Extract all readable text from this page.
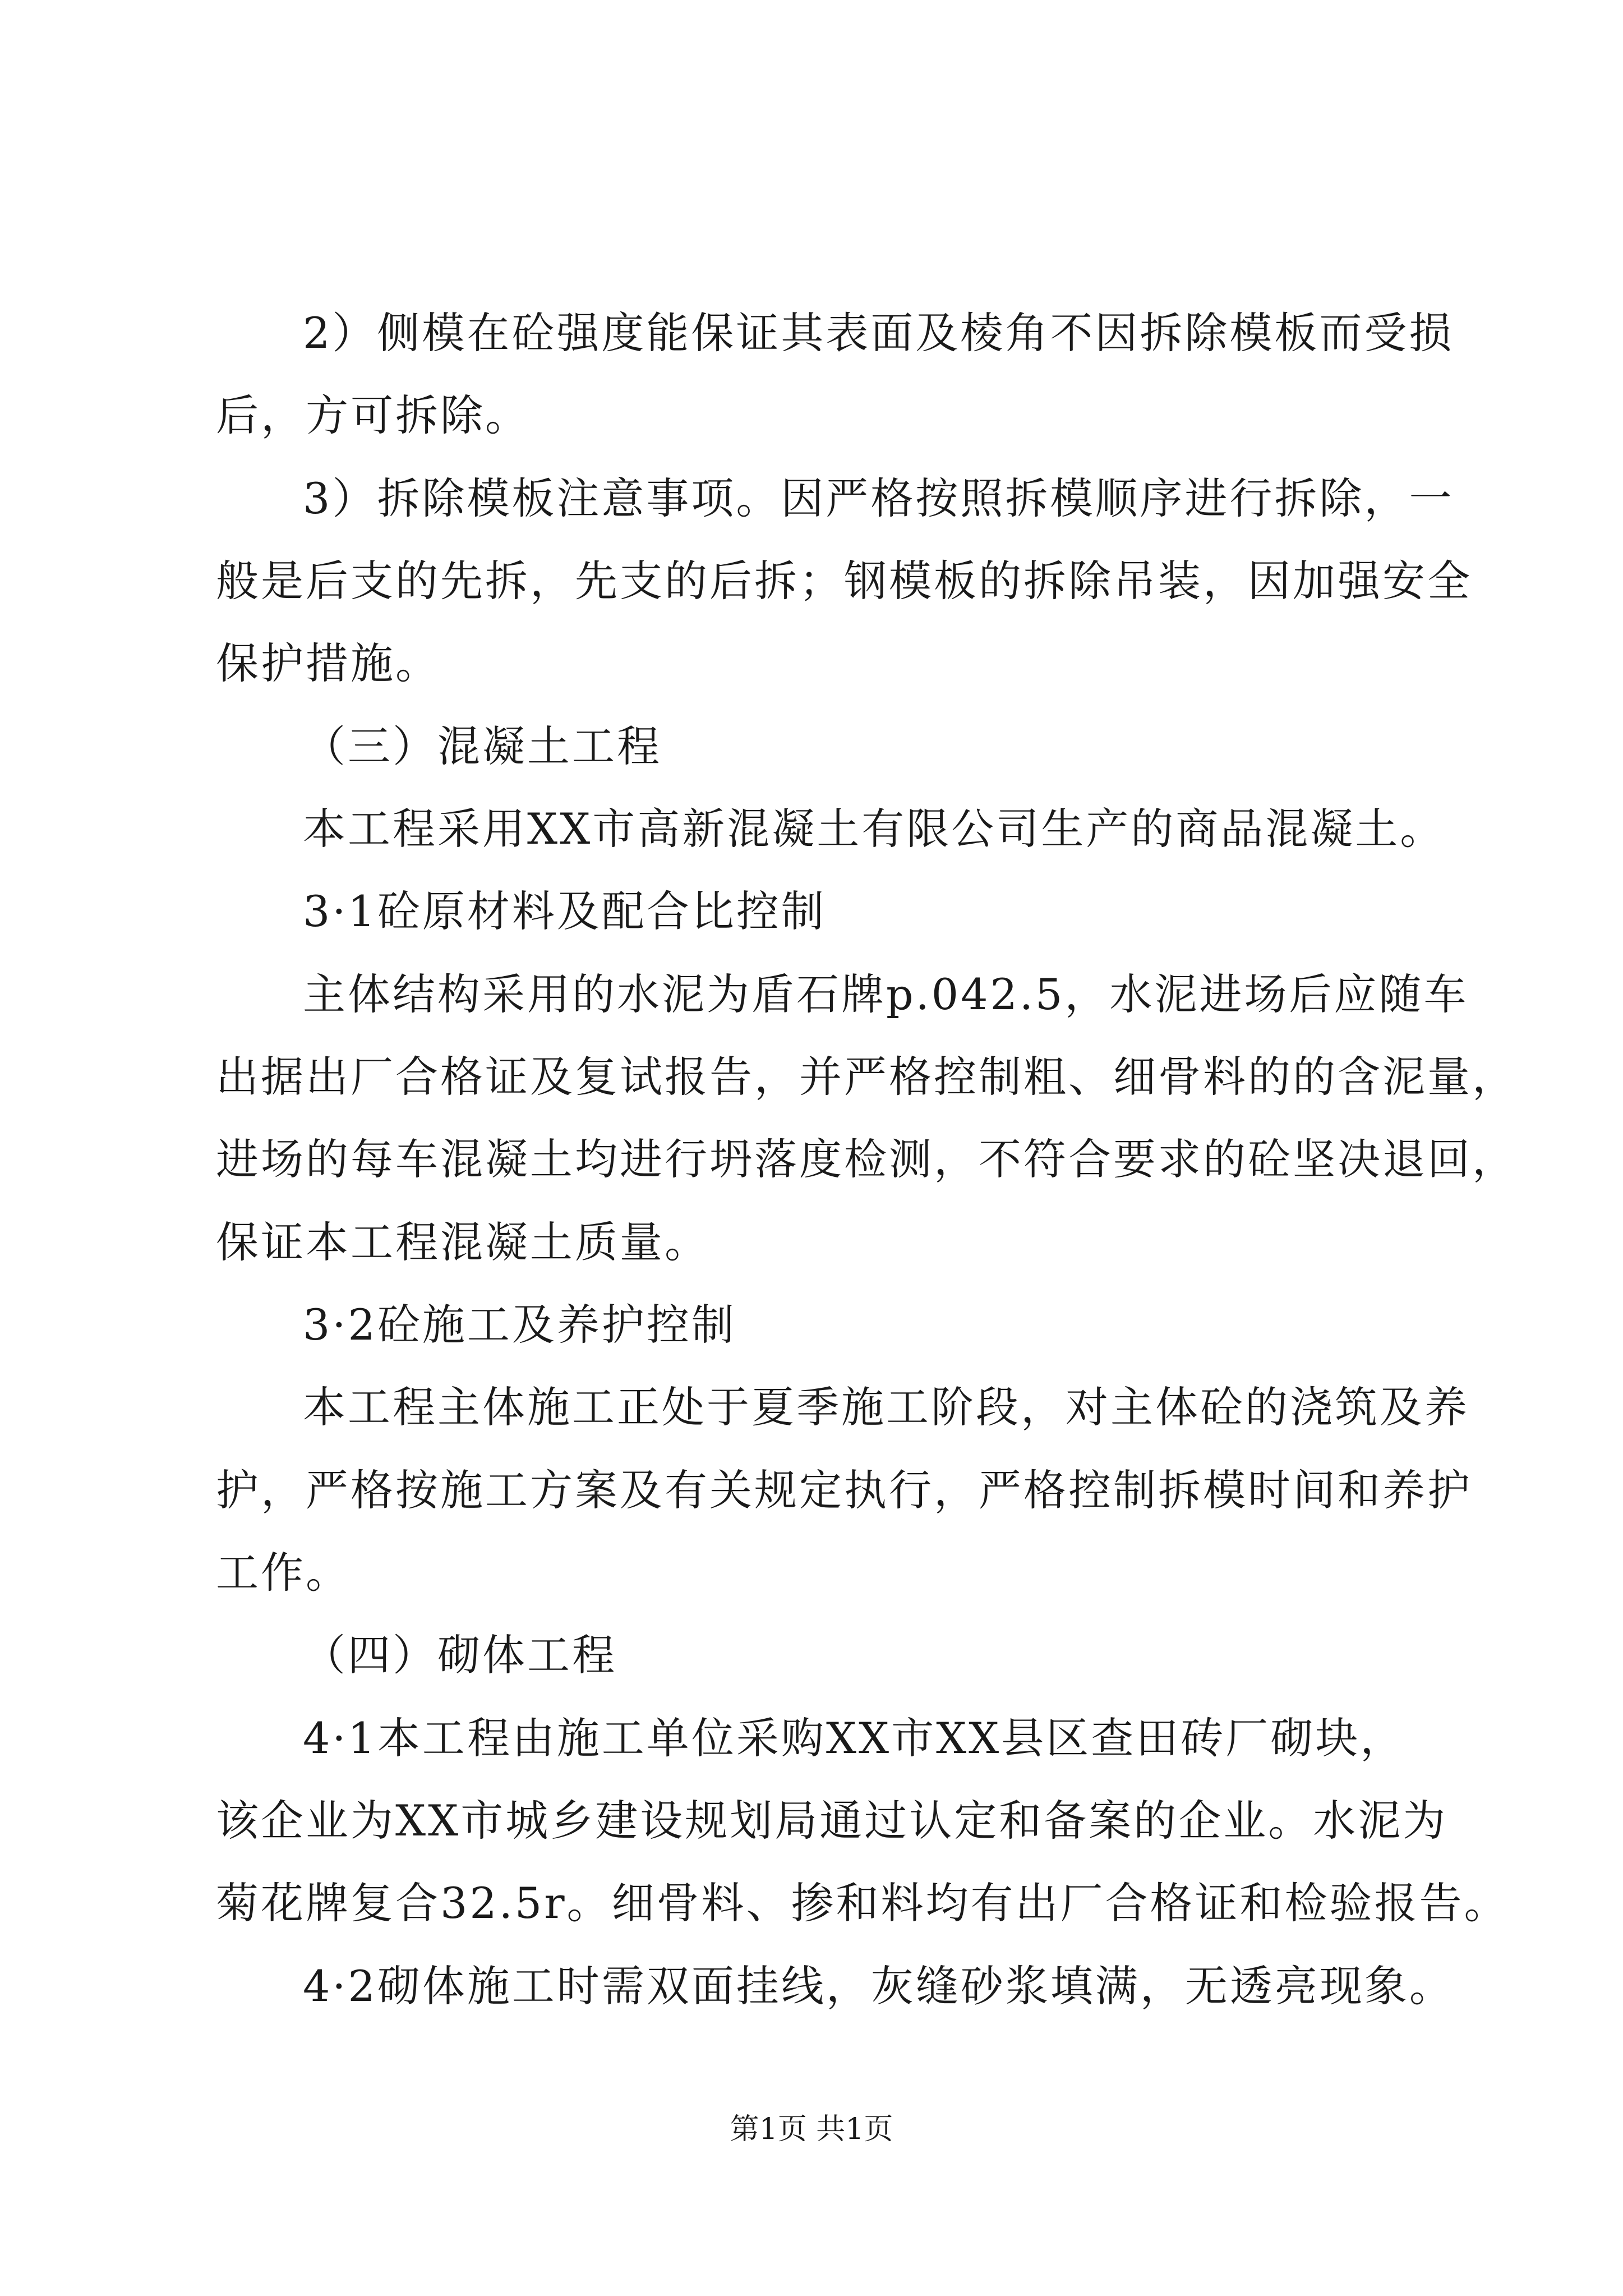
2）侧模在砼强度能保证其表面及棱角不因拆除模板而受损
后，方可拆除。
3）拆除模板注意事项。因严格按照拆模顺序进行拆除，一
般是后支的先拆，先支的后拆；钢模板的拆除吊装，因加强安全
保护措施。
（三）混凝土工程
本工程采用XX市高新混凝土有限公司生产的商品混凝土。
3·1砼原材料及配合比控制
主体结构采用的水泥为盾石牌p.042.5，水泥进场后应随车
出据出厂合格证及复试报告，并严格控制粗、细骨料的的含泥量，
进场的每车混凝土均进行坍落度检测，不符合要求的砼坚决退回，
保证本工程混凝土质量。
3·2砼施工及养护控制
本工程主体施工正处于夏季施工阶段，对主体砼的浇筑及养
护，严格按施工方案及有关规定执行，严格控制拆模时间和养护
工作。
（四）砌体工程
4·1本工程由施工单位采购XX市XX县区查田砖厂砌块，
该企业为XX市城乡建设规划局通过认定和备案的企业。水泥为
菊花牌复合32.5r。细骨料、掺和料均有出厂合格证和检验报告。
4·2砌体施工时需双面挂线，灰缝砂浆填满，无透亮现象。
第1页 共1页
